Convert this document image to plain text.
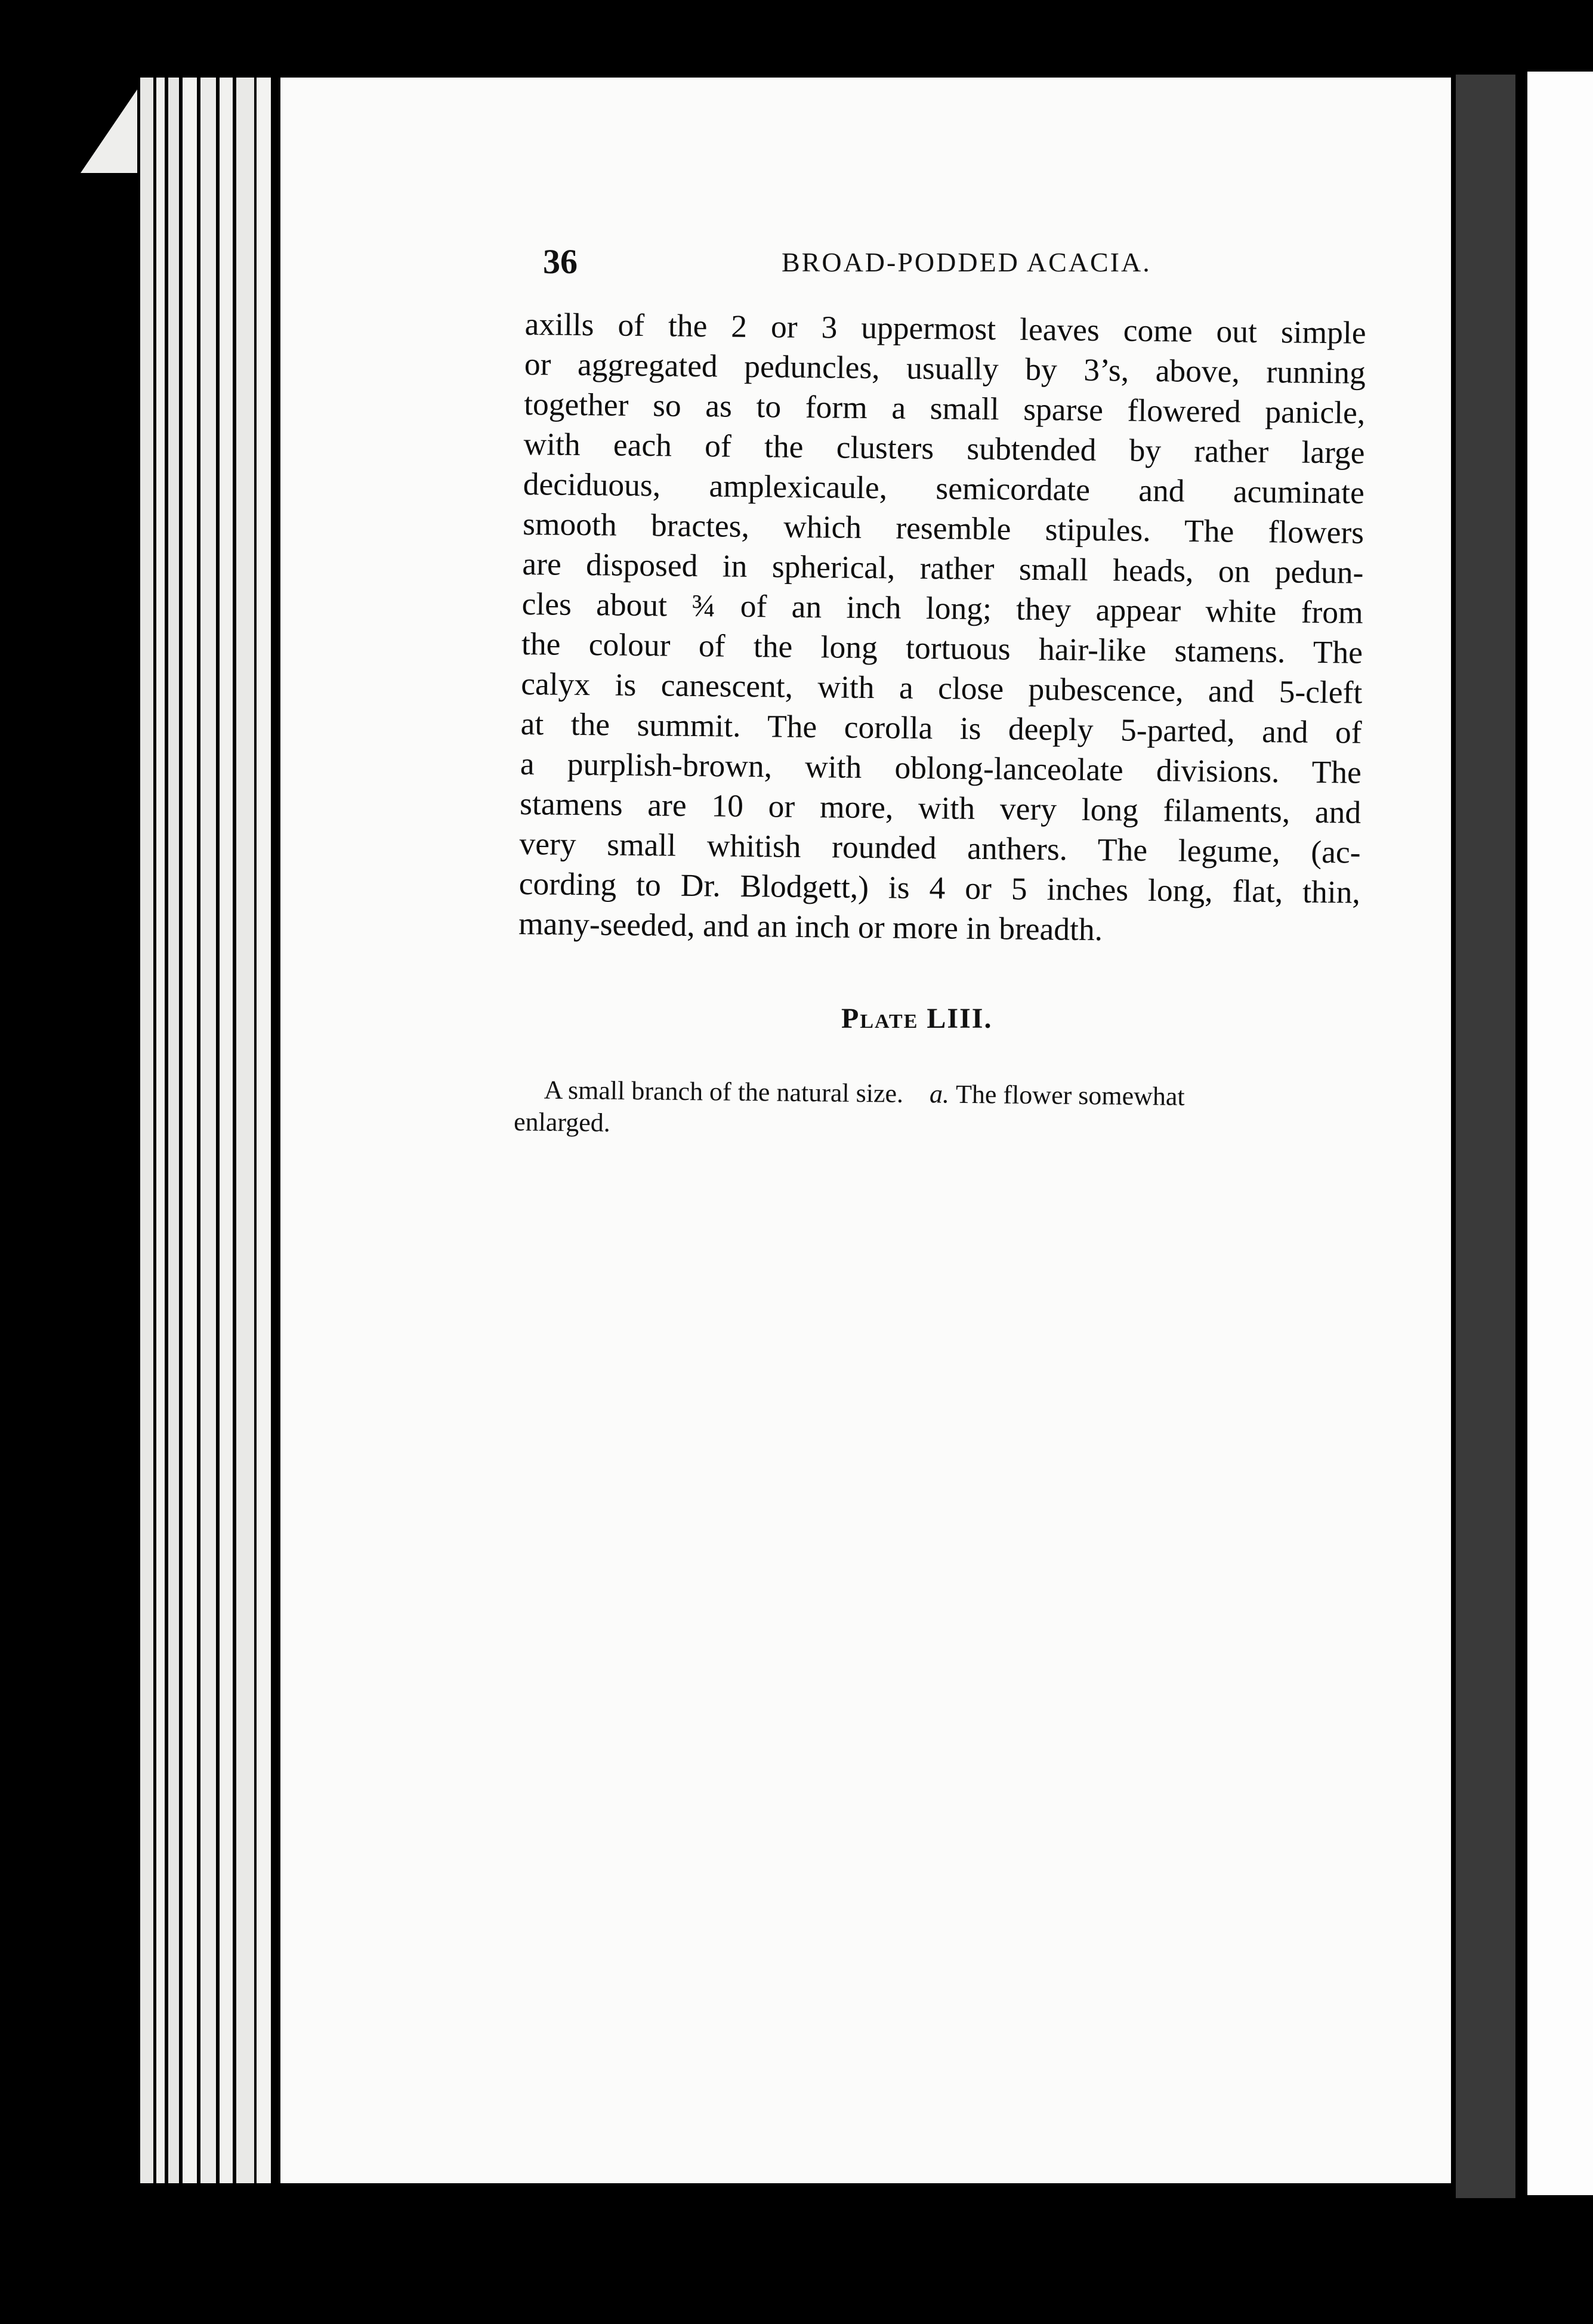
36	BROAD-PODDED ACACIA.
axills of the 2 or 3 uppermost leaves come out simple
or aggregated peduncles, usually by 3’s, above, running
together so as to form a small sparse flowered panicle,
with each of the clusters subtended by rather large
deciduous, amplexicaule, semicordate and acuminate
smooth bractes, which resemble stipules. The flowers
are disposed in spherical, rather small heads, on pedun-
cles about ¾ of an inch long; they appear white from
the colour of the long tortuous hair-like stamens. The
calyx is canescent, with a close pubescence, and 5-cleft
at the summit. The corolla is deeply 5-parted, and of
a purplish-brown, with oblong-lanceolate divisions. The
stamens are 10 or more, with very long filaments, and
very small whitish rounded anthers. The legume, (ac-
cording to Dr. Blodgett,) is 4 or 5 inches long, flat, thin,
many-seeded, and an inch or more in breadth.
Plate LIII.
A small branch of the natural size. a. The flower somewhat
enlarged.
